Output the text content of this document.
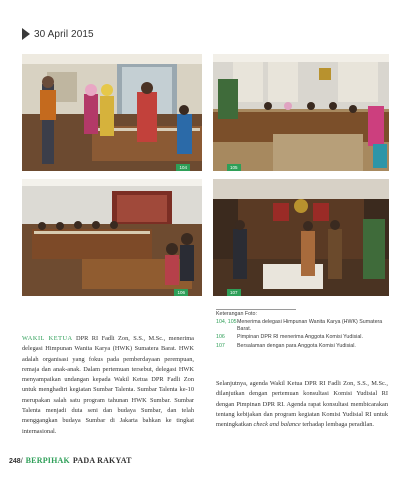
30 April 2015
104	105
106	107
Keterangan Foto:
104, 105 Menerima delegasi Himpunan Wanita Karya (HWK) Sumatera Barat.
106	Pimpinan DPR RI menerima Anggota Komisi Yudisial.
107	Bersalaman dengan para Anggota Komisi Yudisial.
WAKIL KETUA DPR RI Fadli Zon, S.S., M.Sc., menerima delegasi Himpunan Wanita Karya (HWK) Sumatera Barat. HWK adalah organisasi yang fokus pada pemberdayaan perempuan, remaja dan anak-anak. Dalam pertemuan tersebut, delegasi HWK menyampaikan undangan kepada Wakil Ketua DPR Fadli Zon untuk menghadiri kegiatan Sumbar Talenta. Sumbar Talenta ke-10 merupakan salah satu program tahunan HWK Sumbar. Sumbar Talenta menjadi duta seni dan budaya Sumbar, dan telah menggangkan budaya Sumbar di Jakarta bahkan ke tingkat internasional.
Selanjutnya, agenda Wakil Ketua DPR RI Fadli Zon, S.S., M.Sc., dilanjutkan dengan pertemuan konsultasi Komisi Yudisial RI dengan Pimpinan DPR RI. Agenda rapat konsultasi membicarakan tentang kebijakan dan program kegiatan Komisi Yudisial RI untuk meningkatkan check and balance terhadap lembaga peradilan.
248 / BERPIHAK PADA RAKYAT
